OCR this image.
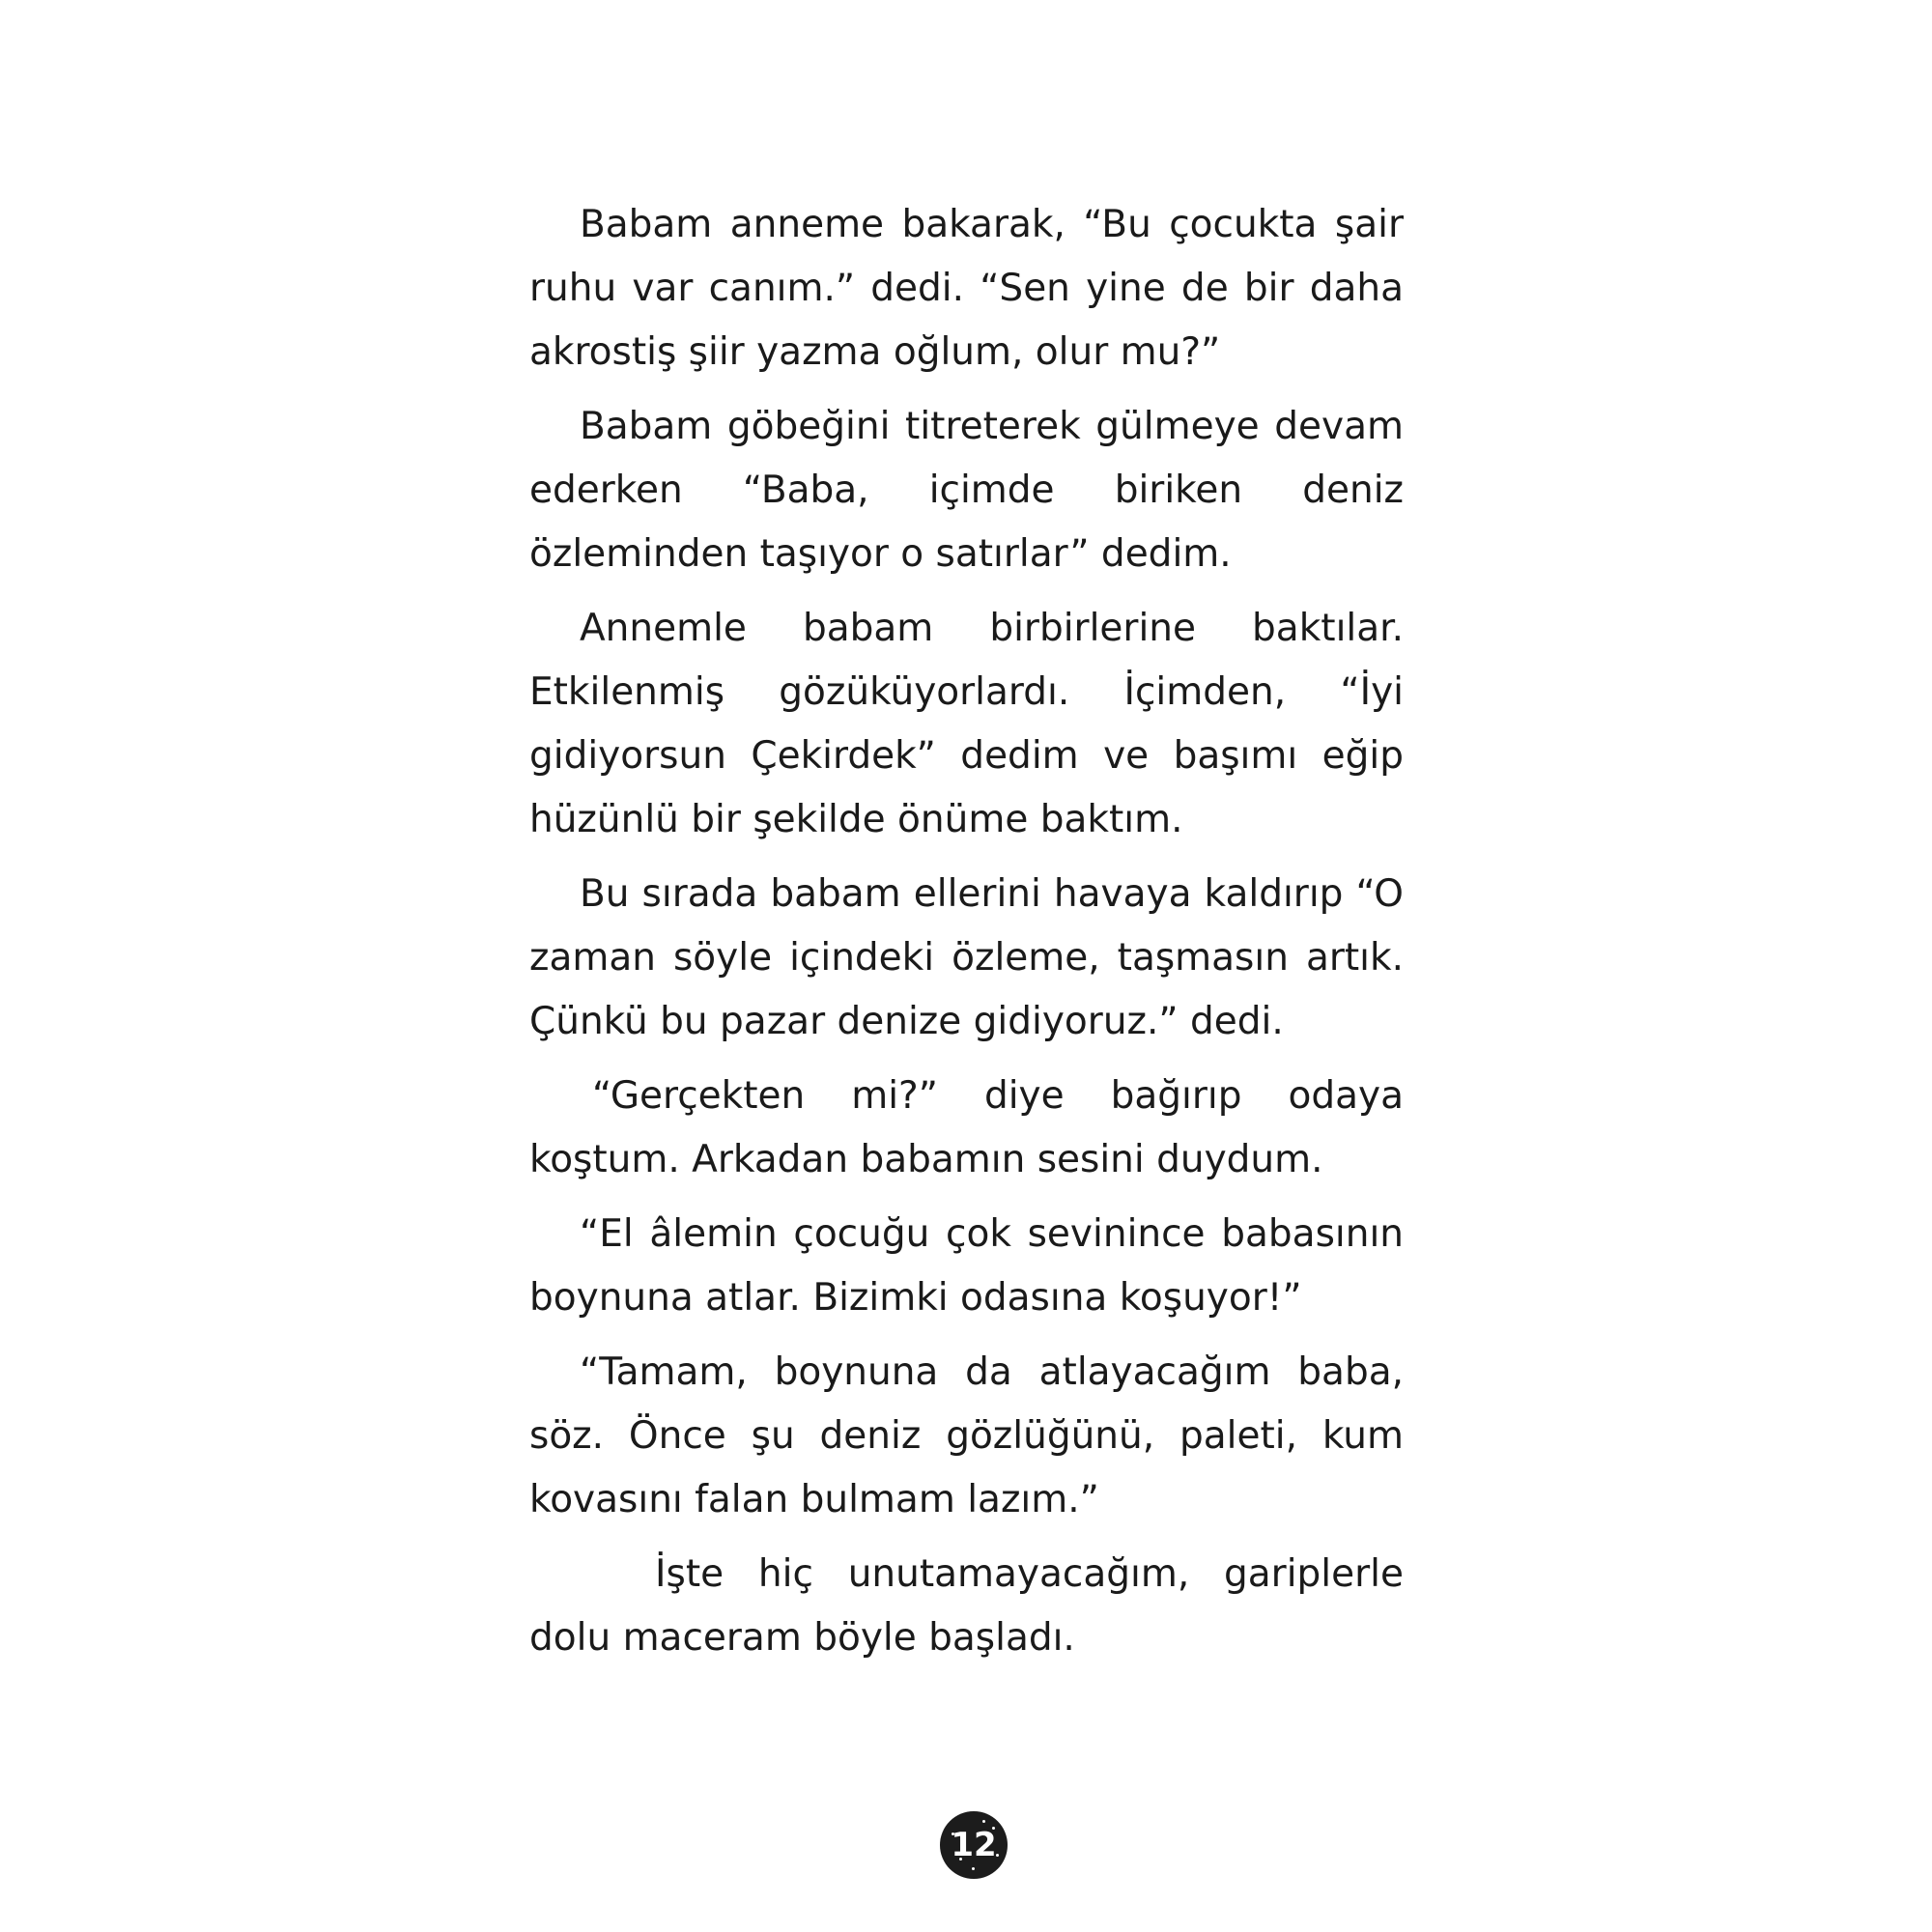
Babam anneme bakarak, “Bu çocukta şair ruhu var canım.” dedi. “Sen yine de bir daha akrostiş şiir yazma oğlum, olur mu?”

Babam göbeğini titreterek gülmeye devam ederken “Baba, içimde biriken deniz özleminden taşıyor o satırlar” dedim.

Annemle babam birbirlerine baktılar. Etkilenmiş gözüküyorlardı. İçimden, “İyi gidiyorsun Çekirdek” dedim ve başımı eğip hüzünlü bir şekilde önüme baktım.

Bu sırada babam ellerini havaya kaldırıp “O zaman söyle içindeki özleme, taşmasın artık. Çünkü bu pazar denize gidiyoruz.” dedi.

“Gerçekten mi?” diye bağırıp odaya koştum. Arkadan babamın sesini duydum.

“El âlemin çocuğu çok sevinince babasının boynuna atlar. Bizimki odasına koşuyor!”

“Tamam, boynuna da atlayacağım baba, söz. Önce şu deniz gözlüğünü, paleti, kum kovasını falan bulmam lazım.”

İşte hiç unutamayacağım, gariplerle dolu maceram böyle başladı.

12
